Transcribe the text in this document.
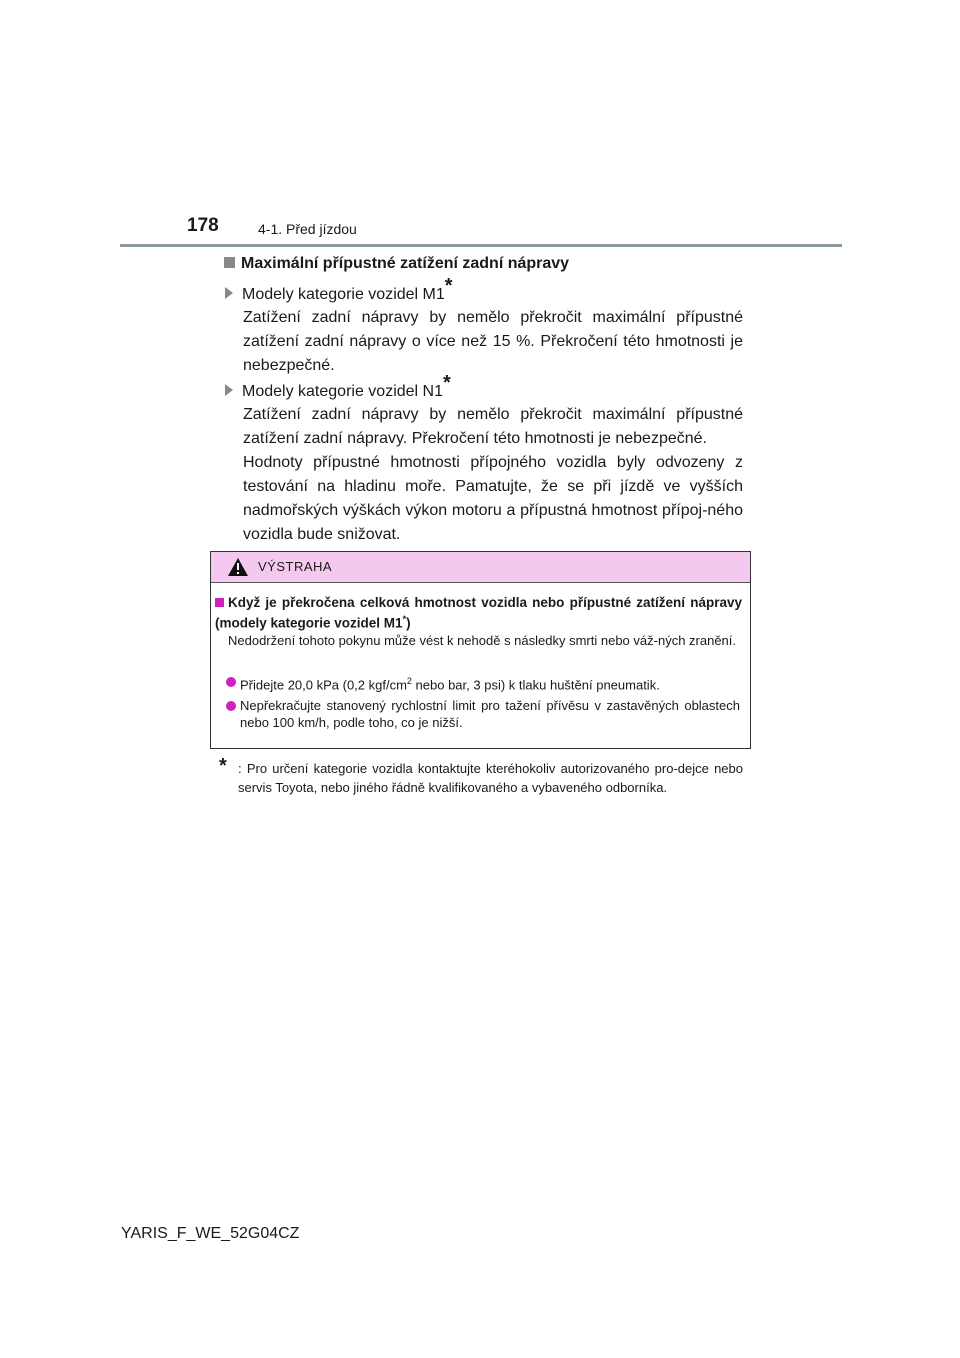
178	4-1. Před jízdou
Maximální přípustné zatížení zadní nápravy
Modely kategorie vozidel M1*
Zatížení zadní nápravy by nemělo překročit maximální přípustné zatížení zadní nápravy o více než 15 %. Překročení této hmotnosti je nebezpečné.
Modely kategorie vozidel N1*
Zatížení zadní nápravy by nemělo překročit maximální přípustné zatížení zadní nápravy. Překročení této hmotnosti je nebezpečné.
Hodnoty přípustné hmotnosti přípojného vozidla byly odvozeny z testování na hladinu moře. Pamatujte, že se při jízdě ve vyšších nadmořských výškách výkon motoru a přípustná hmotnost přípoj-ného vozidla bude snižovat.
VÝSTRAHA
Když je překročena celková hmotnost vozidla nebo přípustné zatížení nápravy (modely kategorie vozidel M1*)
Nedodržení tohoto pokynu může vést k nehodě s následky smrti nebo váž-ných zranění.
Přidejte 20,0 kPa (0,2 kgf/$cm^2$ nebo bar, 3 psi) k tlaku huštění pneumatik.
Nepřekračujte stanovený rychlostní limit pro tažení přívěsu v zastavěných oblastech nebo 100 km/h, podle toho, co je nižší.
* : Pro určení kategorie vozidla kontaktujte kteréhokoliv autorizovaného pro-dejce nebo servis Toyota, nebo jiného řádně kvalifikovaného a vybaveného odborníka.
YARIS_F_WE_52G04CZ
